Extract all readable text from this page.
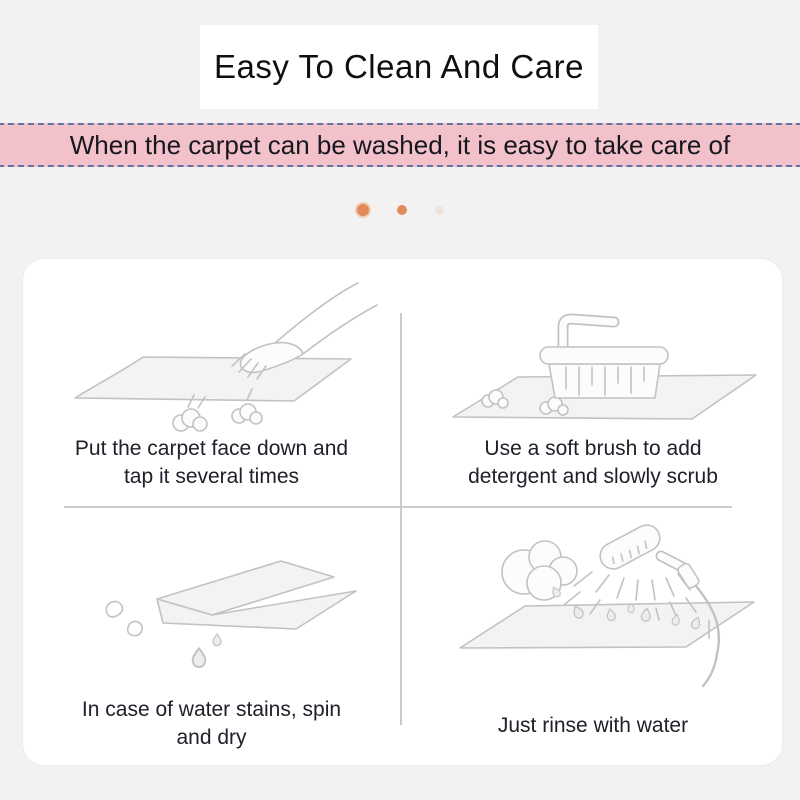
Easy To Clean And Care
When the carpet can be washed, it is easy to take care of
Put the carpet face down and
tap it several times
Use a soft brush to add
detergent and slowly scrub
In case of water stains, spin
and dry
Just rinse with water
